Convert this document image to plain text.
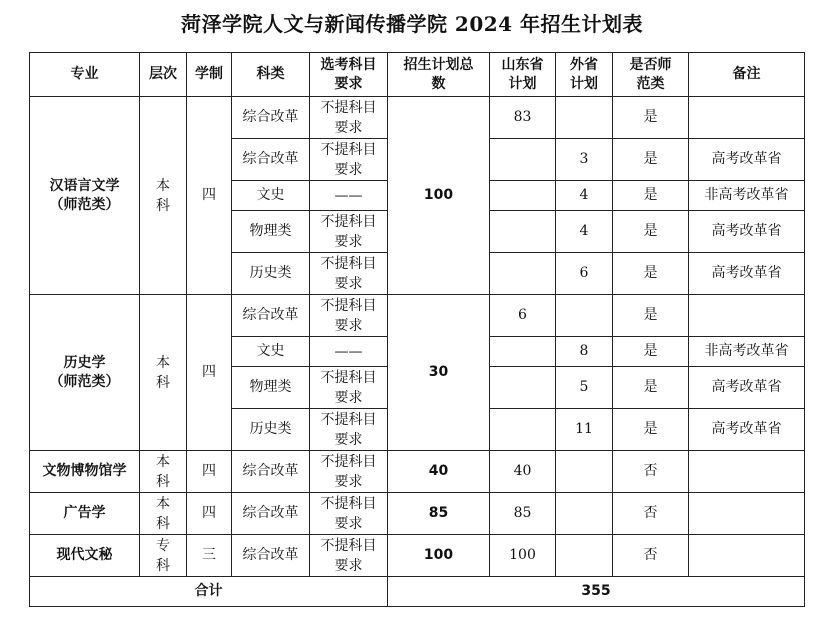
菏泽学院人文与新闻传播学院 2024 年招生计划表
专业	层次	学制	科类	选考科目要求	招生计划总数	山东省计划	外省计划	是否师范类	备注

汉语言文学
（师范类）	本科	四	综合改革	不提科目要求	100	83		是	
			综合改革	不提科目要求			3	是	高考改革省
			文史	——			4	是	非高考改革省
			物理类	不提科目要求			4	是	高考改革省
			历史类	不提科目要求			6	是	高考改革省

历史学
（师范类）	本科	四	综合改革	不提科目要求	30	6		是	
			文史	——			8	是	非高考改革省
			物理类	不提科目要求			5	是	高考改革省
			历史类	不提科目要求			11	是	高考改革省

文物博物馆学	本科	四	综合改革	不提科目要求	40	40		否	

广告学	本科	四	综合改革	不提科目要求	85	85		否	

现代文秘	专科	三	综合改革	不提科目要求	100	100		否	
合计					355				
